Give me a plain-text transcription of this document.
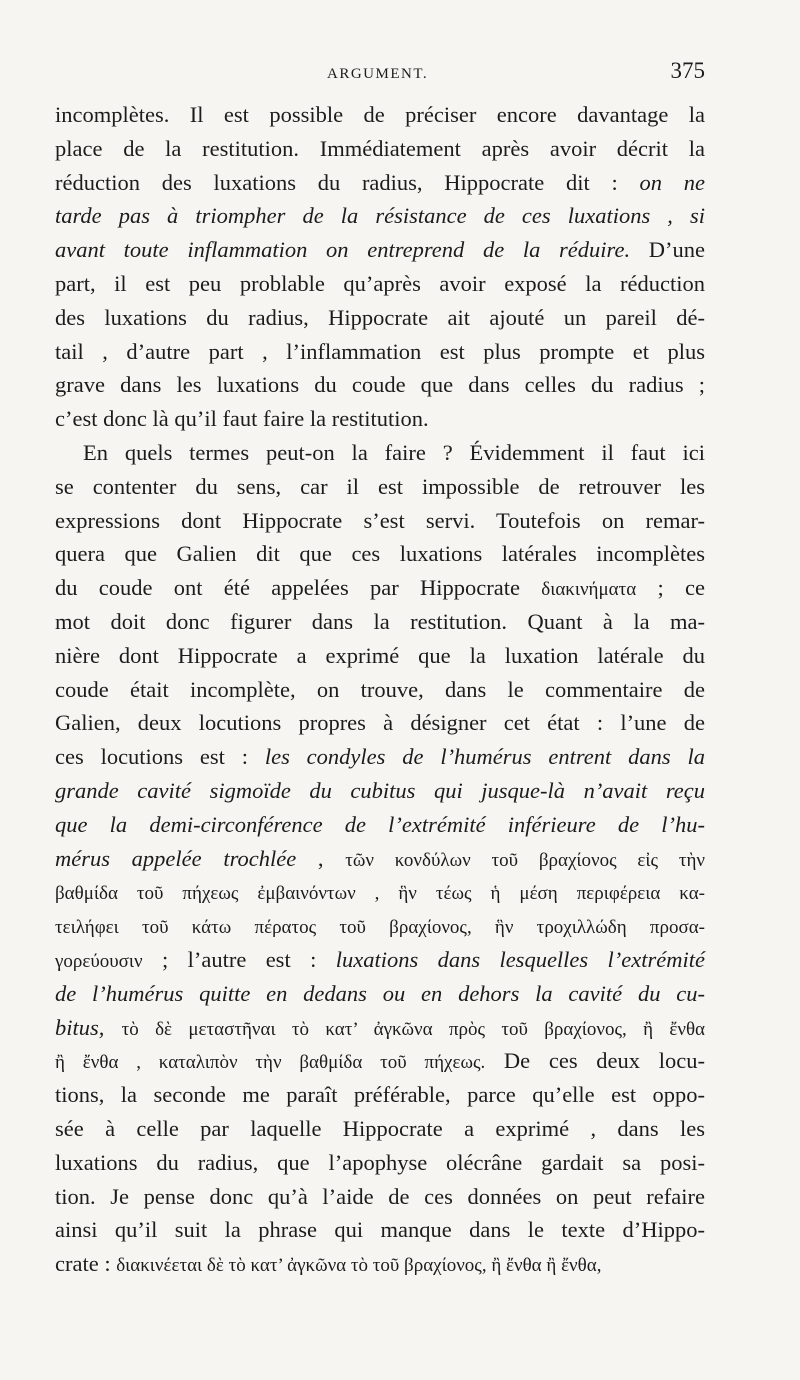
ARGUMENT.	375
incomplètes. Il est possible de préciser encore davantage la
place de la restitution. Immédiatement après avoir décrit la
réduction des luxations du radius, Hippocrate dit : on ne
tarde pas à triompher de la résistance de ces luxations , si
avant toute inflammation on entreprend de la réduire. D’une
part, il est peu problable qu’après avoir exposé la réduction
des luxations du radius, Hippocrate ait ajouté un pareil dé-
tail , d’autre part , l’inflammation est plus prompte et plus
grave dans les luxations du coude que dans celles du radius ;
c’est donc là qu’il faut faire la restitution.
En quels termes peut-on la faire ? Évidemment il faut ici
se contenter du sens, car il est impossible de retrouver les
expressions dont Hippocrate s’est servi. Toutefois on remar-
quera que Galien dit que ces luxations latérales incomplètes
du coude ont été appelées par Hippocrate διακινήματα ; ce
mot doit donc figurer dans la restitution. Quant à la ma-
nière dont Hippocrate a exprimé que la luxation latérale du
coude était incomplète, on trouve, dans le commentaire de
Galien, deux locutions propres à désigner cet état : l’une de
ces locutions est : les condyles de l’humérus entrent dans la
grande cavité sigmoïde du cubitus qui jusque-là n’avait reçu
que la demi-circonférence de l’extrémité inférieure de l’hu-
mérus appelée trochlée , τῶν κονδύλων τοῦ βραχίονος εἰς τὴν
βαθμίδα τοῦ πήχεως ἐμβαινόντων , ἣν τέως ἡ μέση περιφέρεια κα-
τειλήφει τοῦ κάτω πέρατος τοῦ βραχίονος, ἣν τροχιλλώδη προσα-
γορεύουσιν ; l’autre est : luxations dans lesquelles l’extrémité
de l’humérus quitte en dedans ou en dehors la cavité du cu-
bitus, τὸ δὲ μεταστῆναι τὸ κατ’ ἀγκῶνα πρὸς τοῦ βραχίονος, ἢ ἔνθα
ἢ ἔνθα , καταλιπὸν τὴν βαθμίδα τοῦ πήχεως. De ces deux locu-
tions, la seconde me paraît préférable, parce qu’elle est oppo-
sée à celle par laquelle Hippocrate a exprimé , dans les
luxations du radius, que l’apophyse olécrâne gardait sa posi-
tion. Je pense donc qu’à l’aide de ces données on peut refaire
ainsi qu’il suit la phrase qui manque dans le texte d’Hippo-
crate : διακινέεται δὲ τὸ κατ’ ἀγκῶνα τὸ τοῦ βραχίονος, ἢ ἔνθα ἢ ἔνθα,
